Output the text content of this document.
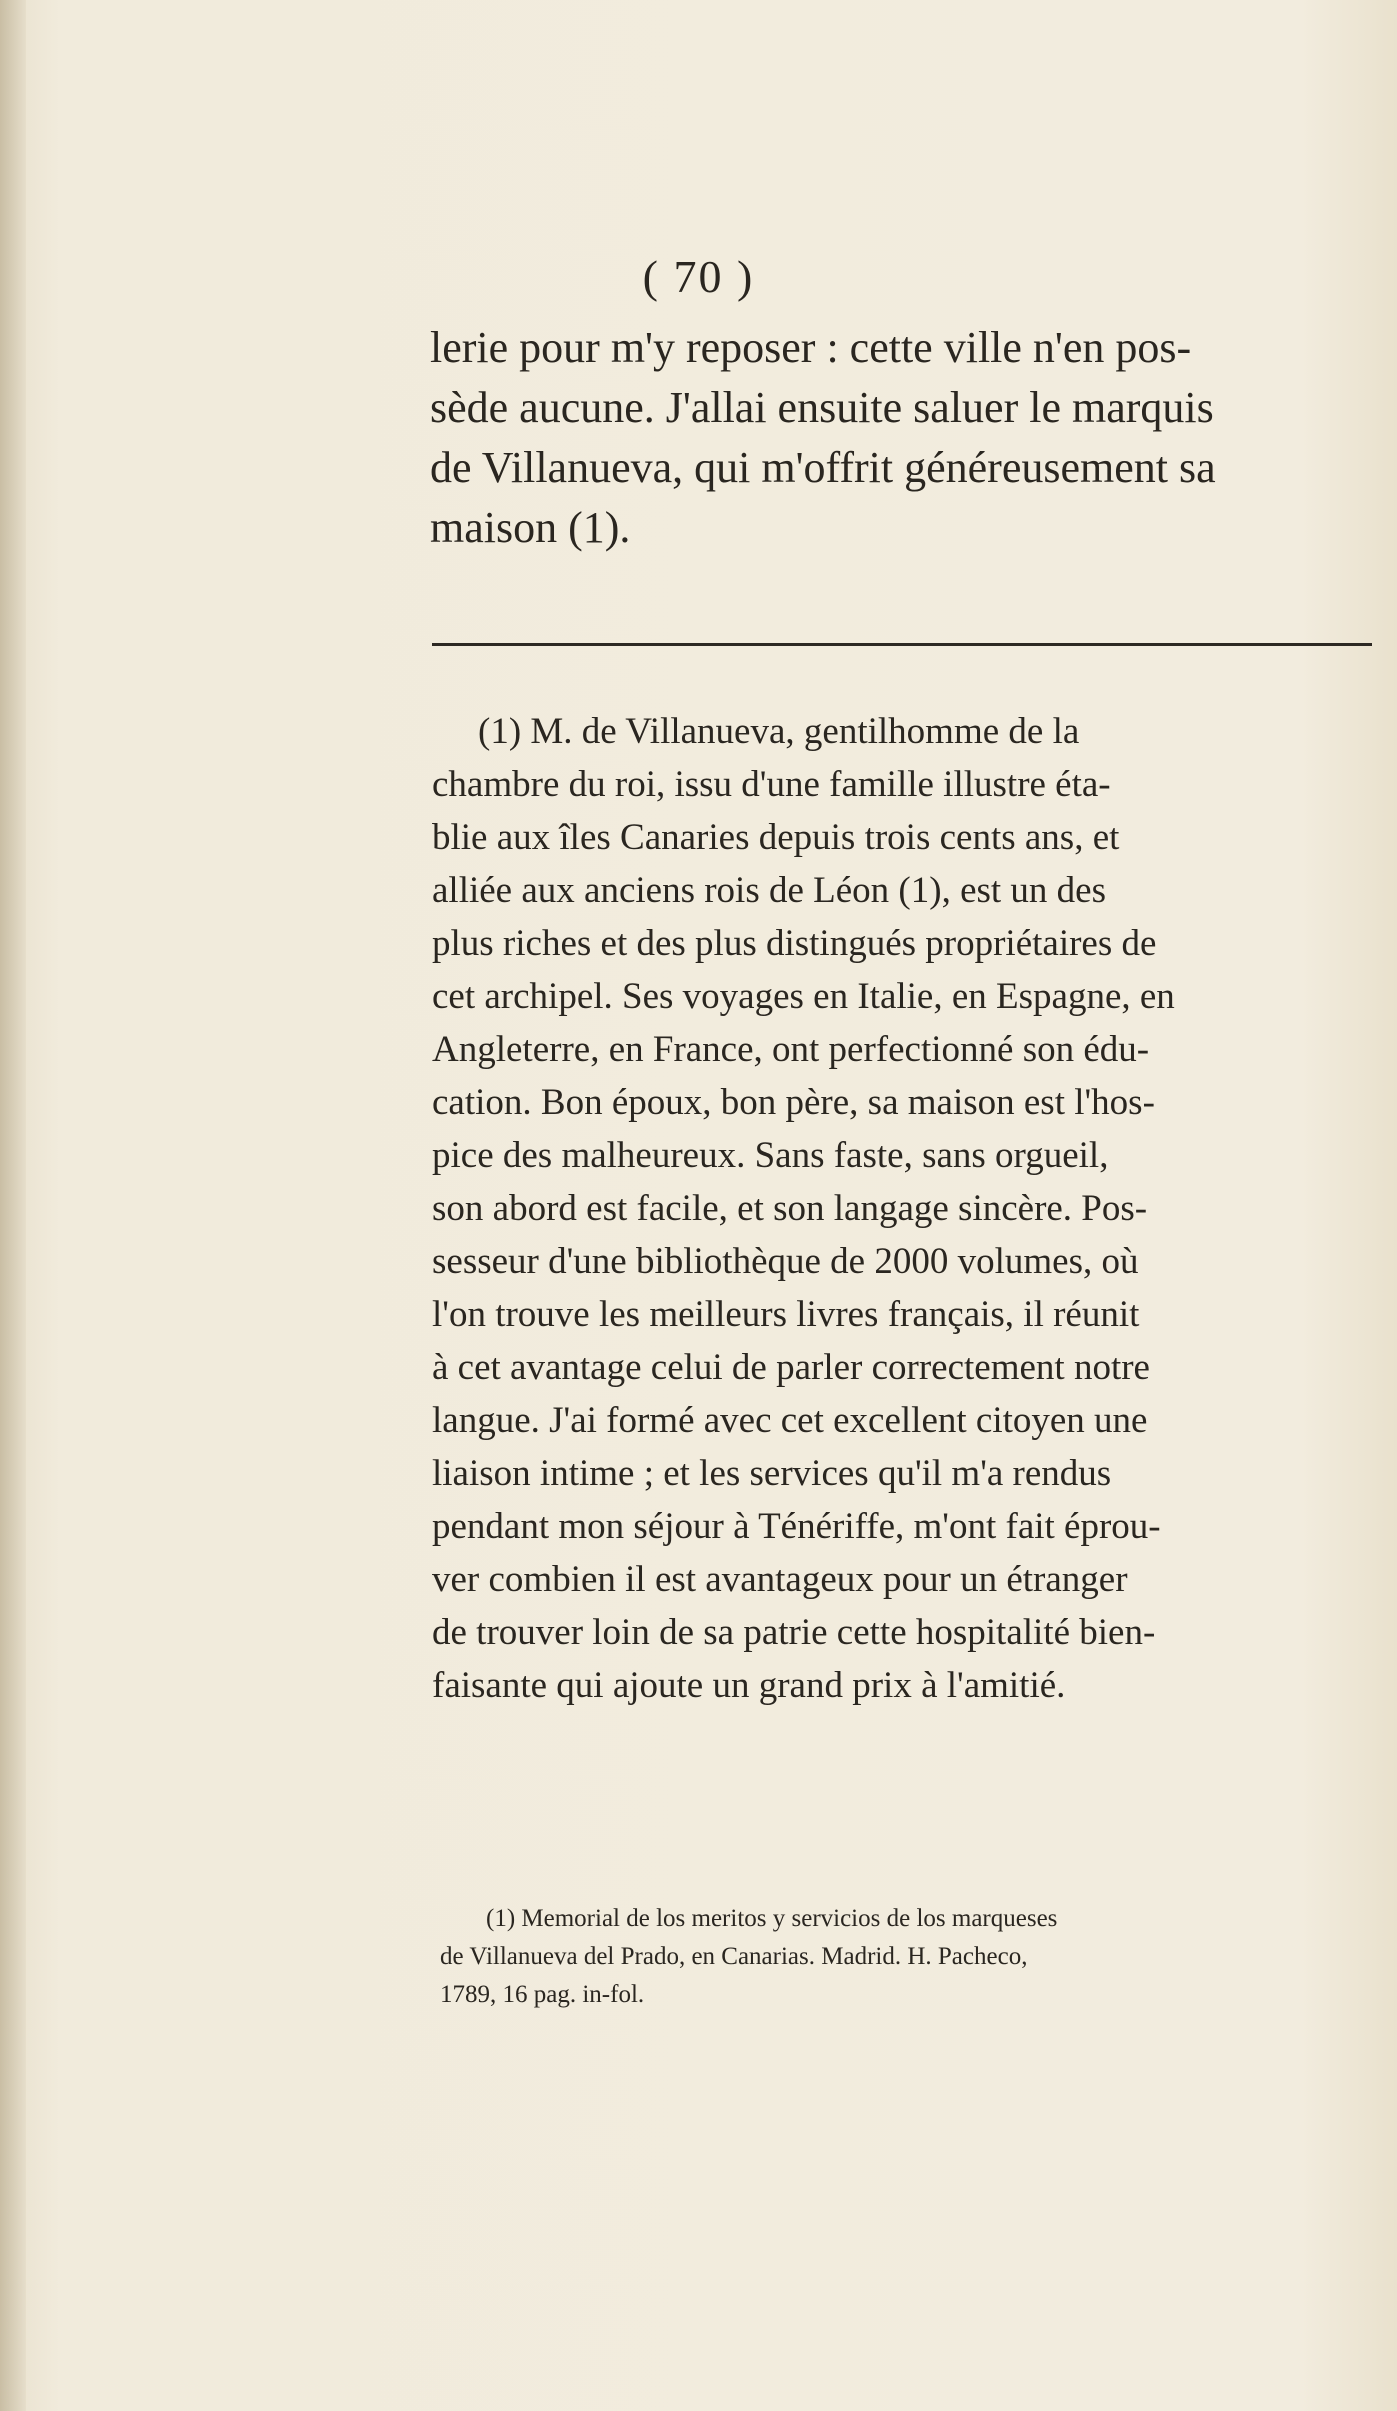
( 70 )
lerie pour m'y reposer : cette ville n'en pos-
sède aucune. J'allai ensuite saluer le marquis
de Villanueva, qui m'offrit généreusement sa
maison (1).
(1) M. de Villanueva, gentilhomme de la
chambre du roi, issu d'une famille illustre éta-
blie aux îles Canaries depuis trois cents ans, et
alliée aux anciens rois de Léon (1), est un des
plus riches et des plus distingués propriétaires de
cet archipel. Ses voyages en Italie, en Espagne, en
Angleterre, en France, ont perfectionné son édu-
cation. Bon époux, bon père, sa maison est l'hos-
pice des malheureux. Sans faste, sans orgueil,
son abord est facile, et son langage sincère. Pos-
sesseur d'une bibliothèque de 2000 volumes, où
l'on trouve les meilleurs livres français, il réunit
à cet avantage celui de parler correctement notre
langue. J'ai formé avec cet excellent citoyen une
liaison intime ; et les services qu'il m'a rendus
pendant mon séjour à Ténériffe, m'ont fait éprou-
ver combien il est avantageux pour un étranger
de trouver loin de sa patrie cette hospitalité bien-
faisante qui ajoute un grand prix à l'amitié.
(1) Memorial de los meritos y servicios de los marqueses
de Villanueva del Prado, en Canarias. Madrid. H. Pacheco,
1789, 16 pag. in-fol.
